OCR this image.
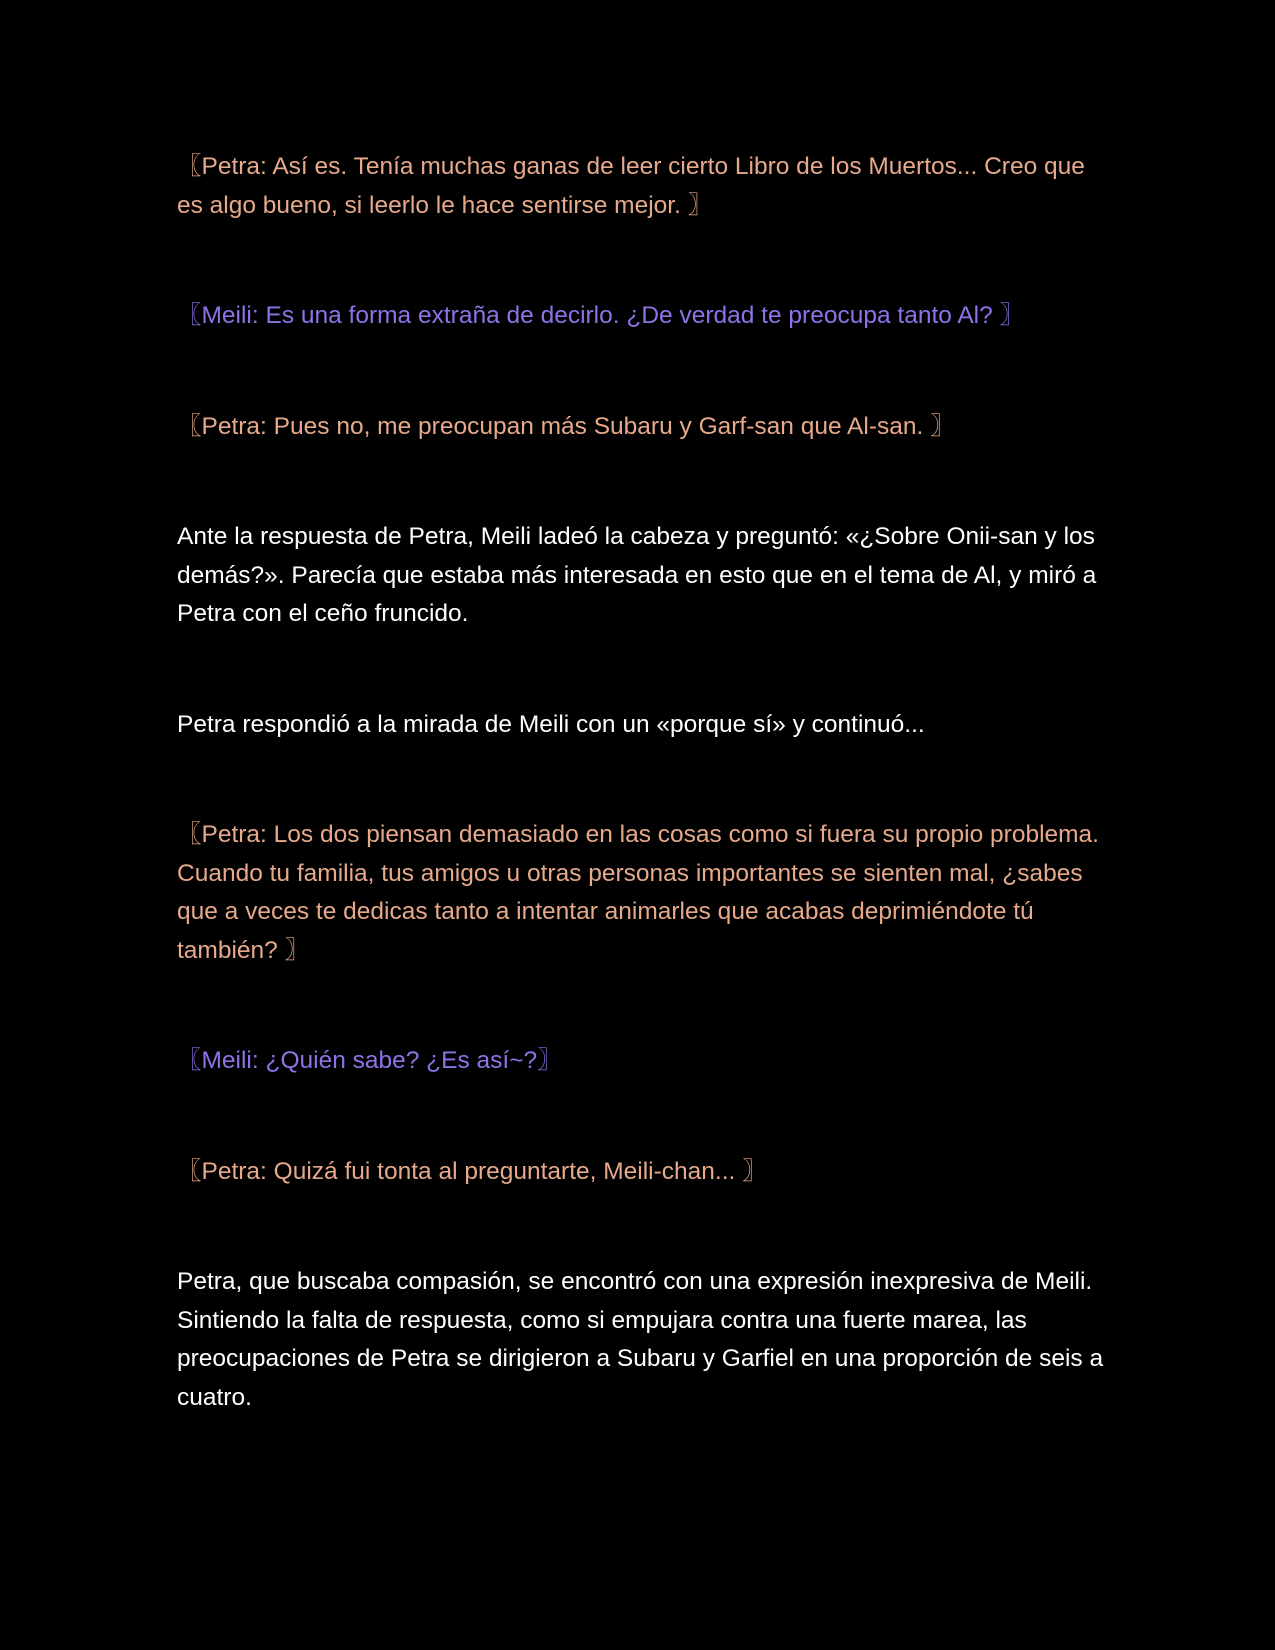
〖Petra: Así es. Tenía muchas ganas de leer cierto Libro de los Muertos... Creo que es algo bueno, si leerlo le hace sentirse mejor. 〗

〖Meili: Es una forma extraña de decirlo. ¿De verdad te preocupa tanto Al? 〗

〖Petra: Pues no, me preocupan más Subaru y Garf-san que Al-san. 〗

Ante la respuesta de Petra, Meili ladeó la cabeza y preguntó: «¿Sobre Onii-san y los demás?». Parecía que estaba más interesada en esto que en el tema de Al, y miró a Petra con el ceño fruncido.

Petra respondió a la mirada de Meili con un «porque sí» y continuó...

〖Petra: Los dos piensan demasiado en las cosas como si fuera su propio problema. Cuando tu familia, tus amigos u otras personas importantes se sienten mal, ¿sabes que a veces te dedicas tanto a intentar animarles que acabas deprimiéndote tú también? 〗

〖Meili: ¿Quién sabe? ¿Es así~?〗

〖Petra: Quizá fui tonta al preguntarte, Meili-chan... 〗

Petra, que buscaba compasión, se encontró con una expresión inexpresiva de Meili. Sintiendo la falta de respuesta, como si empujara contra una fuerte marea, las preocupaciones de Petra se dirigieron a Subaru y Garfiel en una proporción de seis a cuatro.
